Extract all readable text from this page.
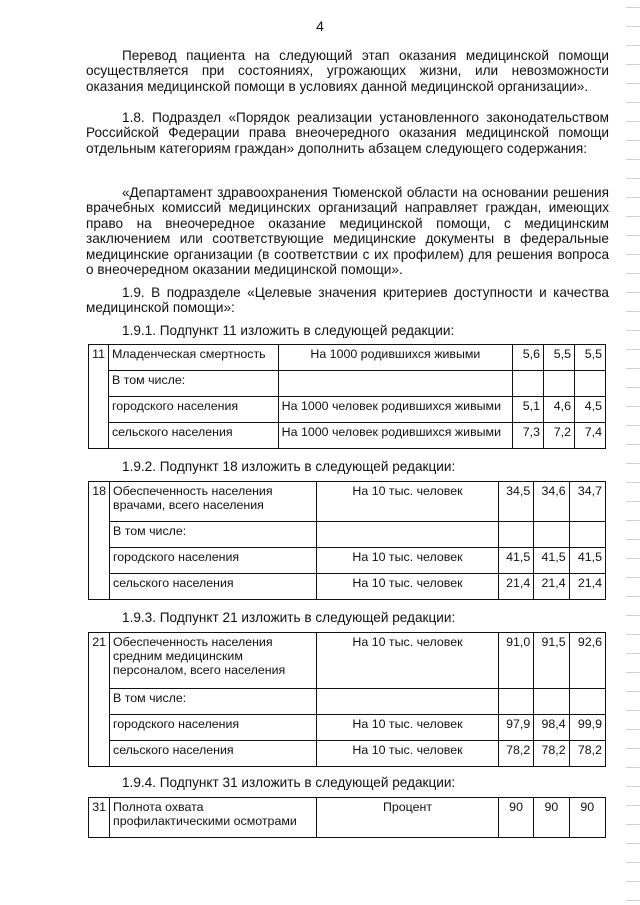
4

Перевод пациента на следующий этап оказания медицинской помощи осуществляется при состояниях, угрожающих жизни, или невозможности оказания медицинской помощи в условиях данной медицинской организации».

1.8. Подраздел «Порядок реализации установленного законодательством Российской Федерации права внеочередного оказания медицинской помощи отдельным категориям граждан» дополнить абзацем следующего содержания:

«Департамент здравоохранения Тюменской области на основании решения врачебных комиссий медицинских организаций направляет граждан, имеющих право на внеочередное оказание медицинской помощи, с медицинским заключением или соответствующие медицинские документы в федеральные медицинские организации (в соответствии с их профилем) для решения вопроса о внеочередном оказании медицинской помощи».

1.9. В подразделе «Целевые значения критериев доступности и качества медицинской помощи»:

1.9.1. Подпункт 11 изложить в следующей редакции:
11	Младенческая смертность	На 1000 родившихся живыми	5,6	5,5	5,5
	В том числе:				
	городского населения	На 1000 человек родившихся живыми	5,1	4,6	4,5
	сельского населения	На 1000 человек родившихся живыми	7,3	7,2	7,4
1.9.2. Подпункт 18 изложить в следующей редакции:
18	Обеспеченность населения врачами, всего населения	На 10 тыс. человек	34,5	34,6	34,7
	В том числе:				
	городского населения	На 10 тыс. человек	41,5	41,5	41,5
	сельского населения	На 10 тыс. человек	21,4	21,4	21,4
1.9.3. Подпункт 21 изложить в следующей редакции:
21	Обеспеченность населения средним медицинским персоналом, всего населения	На 10 тыс. человек	91,0	91,5	92,6
	В том числе:				
	городского населения	На 10 тыс. человек	97,9	98,4	99,9
	сельского населения	На 10 тыс. человек	78,2	78,2	78,2
1.9.4. Подпункт 31 изложить в следующей редакции:
31	Полнота охвата профилактическими осмотрами	Процент	90	90	90
